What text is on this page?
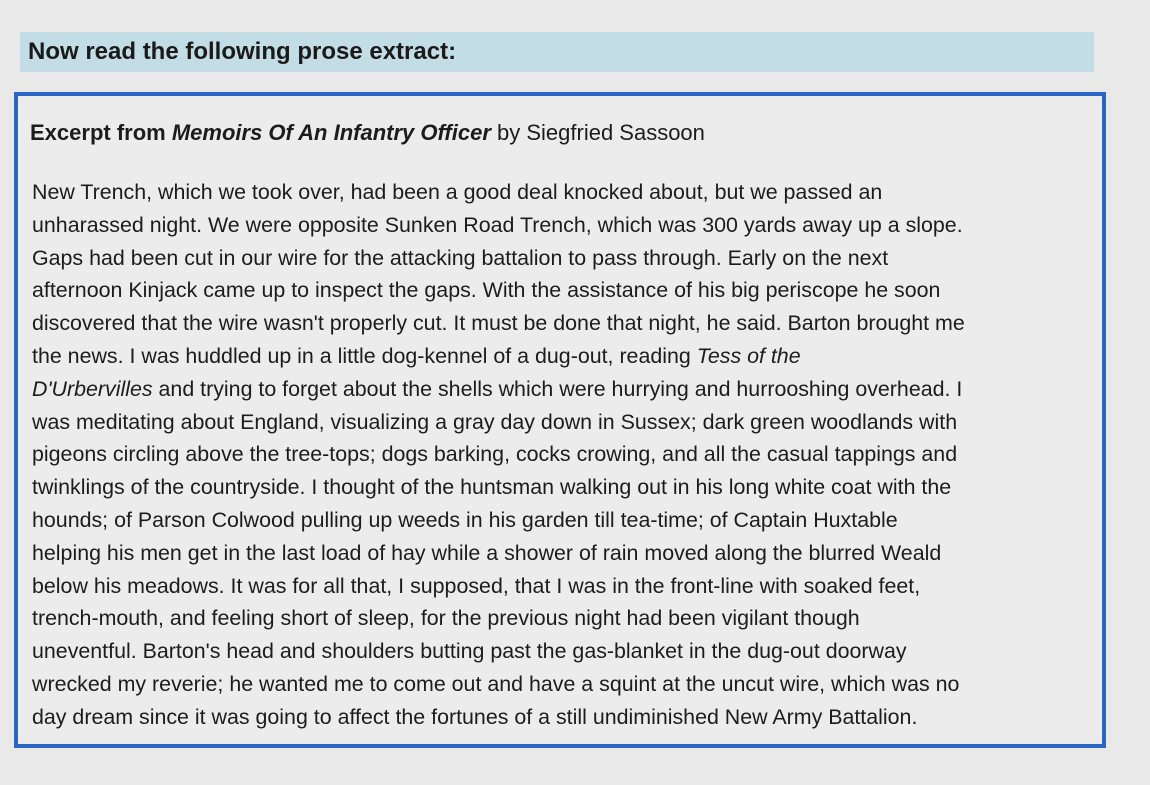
Now read the following prose extract:
Excerpt from Memoirs Of An Infantry Officer by Siegfried Sassoon
New Trench, which we took over, had been a good deal knocked about, but we passed an
unharassed night. We were opposite Sunken Road Trench, which was 300 yards away up a slope.
Gaps had been cut in our wire for the attacking battalion to pass through. Early on the next
afternoon Kinjack came up to inspect the gaps. With the assistance of his big periscope he soon
discovered that the wire wasn't properly cut. It must be done that night, he said. Barton brought me
the news. I was huddled up in a little dog-kennel of a dug-out, reading Tess of the
D'Urbervilles and trying to forget about the shells which were hurrying and hurrooshing overhead. I
was meditating about England, visualizing a gray day down in Sussex; dark green woodlands with
pigeons circling above the tree-tops; dogs barking, cocks crowing, and all the casual tappings and
twinklings of the countryside. I thought of the huntsman walking out in his long white coat with the
hounds; of Parson Colwood pulling up weeds in his garden till tea-time; of Captain Huxtable
helping his men get in the last load of hay while a shower of rain moved along the blurred Weald
below his meadows. It was for all that, I supposed, that I was in the front-line with soaked feet,
trench-mouth, and feeling short of sleep, for the previous night had been vigilant though
uneventful. Barton's head and shoulders butting past the gas-blanket in the dug-out doorway
wrecked my reverie; he wanted me to come out and have a squint at the uncut wire, which was no
day dream since it was going to affect the fortunes of a still undiminished New Army Battalion.
